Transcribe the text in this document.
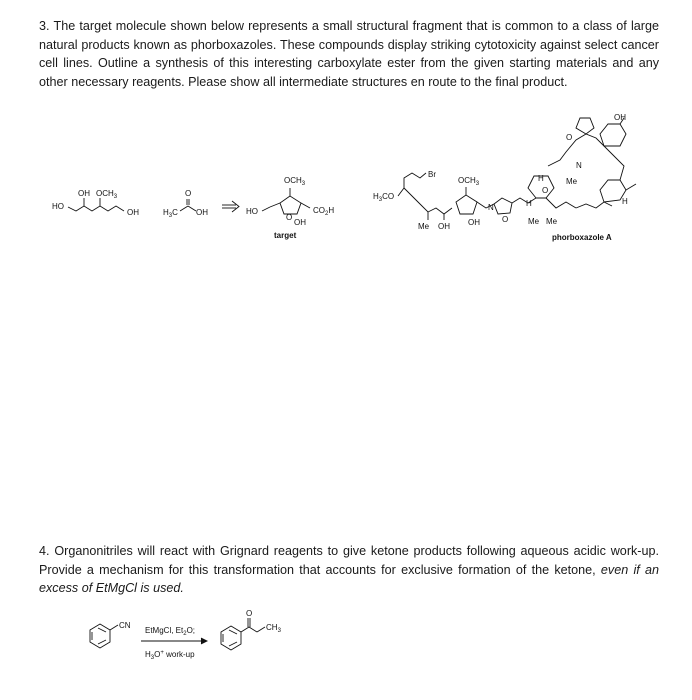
3. The target molecule shown below represents a small structural fragment that is common to a class of large natural products known as phorboxazoles. These compounds display striking cytotoxicity against select cancer cell lines. Outline a synthesis of this interesting carboxylate ester from the given starting materials and any other necessary reagents. Please show all intermediate structures en route to the final product.

HO
OH $OCH_3$
OH
O
$H_3C$ OH
$OCH_3$
HO
O
$CO_2H$
OH
target
$H_3CO$
Br
Me OH
$OCH_3$
OH
N
O
H
H
O
Me Me
Me
H
O
N
OH
phorboxazole A

4. Organonitriles will react with Grignard reagents to give ketone products following aqueous acidic work-up. Provide a mechanism for this transformation that accounts for exclusive formation of the ketone, even if an excess of EtMgCl is used.

CN
EtMgCl, $Et_2O$;
$H_3O^+$ work-up
O
$CH_3$
